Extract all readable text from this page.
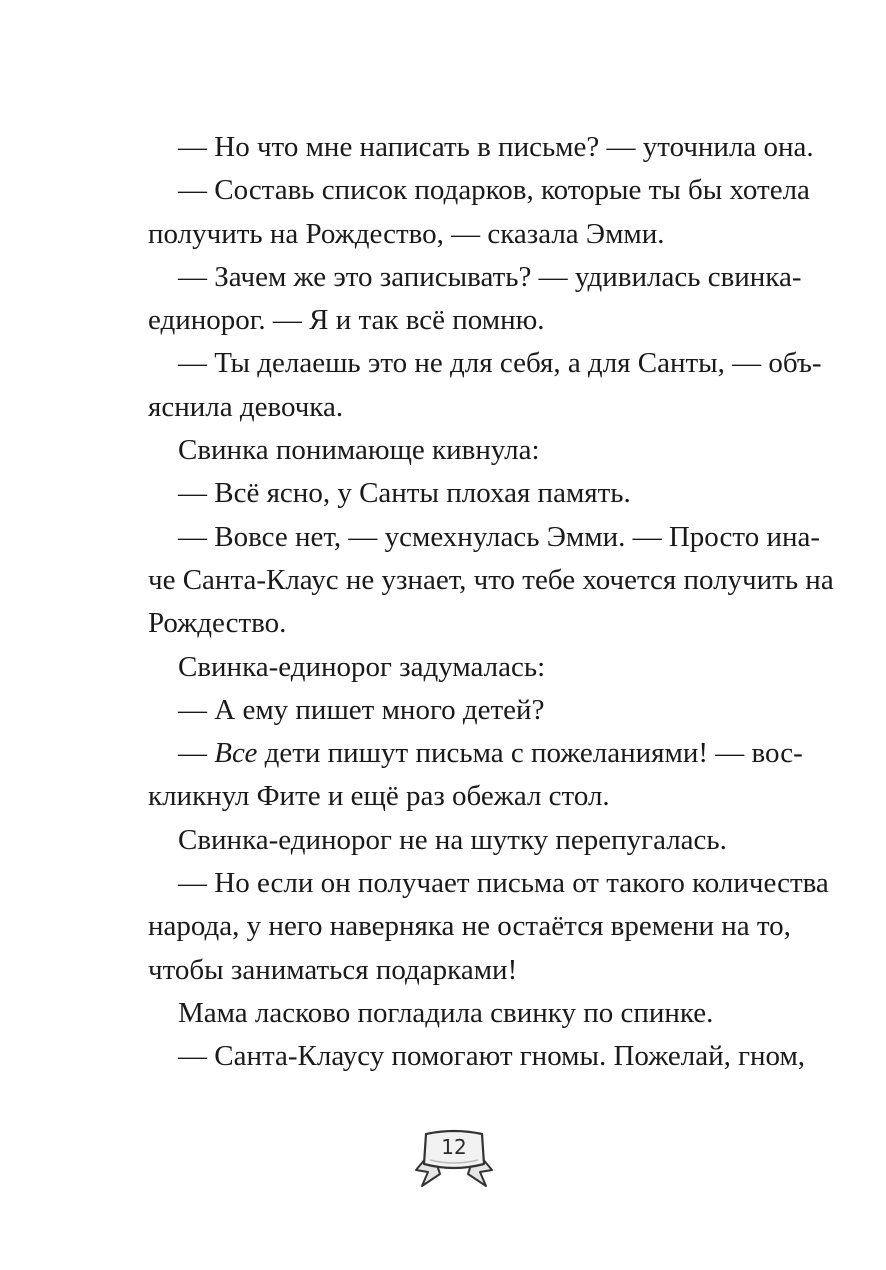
— Но что мне написать в письме? — уточнила она.
— Составь список подарков, которые ты бы хотела
получить на Рождество, — сказала Эмми.
— Зачем же это записывать? — удивилась свинка-
единорог. — Я и так всё помню.
— Ты делаешь это не для себя, а для Санты, — объ-
яснила девочка.
Свинка понимающе кивнула:
— Всё ясно, у Санты плохая память.
— Вовсе нет, — усмехнулась Эмми. — Просто ина-
че Санта-Клаус не узнает, что тебе хочется получить на
Рождество.
Свинка-единорог задумалась:
— А ему пишет много детей?
— Все дети пишут письма с пожеланиями! — вос-
кликнул Фите и ещё раз обежал стол.
Свинка-единорог не на шутку перепугалась.
— Но если он получает письма от такого количества
народа, у него наверняка не остаётся времени на то,
чтобы заниматься подарками!
Мама ласково погладила свинку по спинке.
— Санта-Клаусу помогают гномы. Пожелай, гном,
12
